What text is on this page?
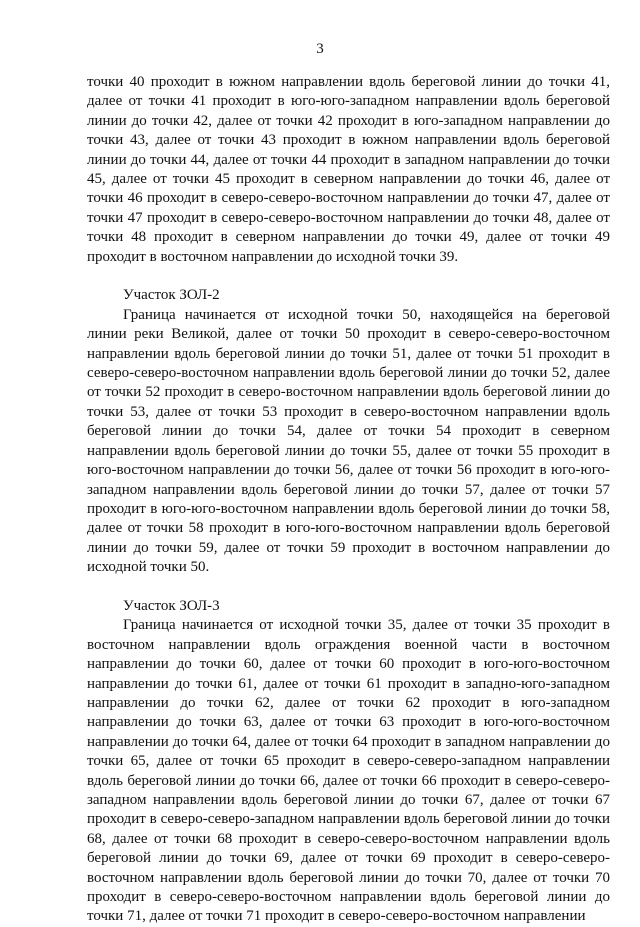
3

точки 40 проходит в южном направлении вдоль береговой линии до точки 41, далее от точки 41 проходит в юго-юго-западном направлении вдоль береговой линии до точки 42, далее от точки 42 проходит в юго-западном направлении до точки 43, далее от точки 43 проходит в южном направлении вдоль береговой линии до точки 44, далее от точки 44 проходит в западном направлении до точки 45, далее от точки 45 проходит в северном направлении до точки 46, далее от точки 46 проходит в северо-северо-восточном направлении до точки 47, далее от точки 47 проходит в северо-северо-восточном направлении до точки 48, далее от точки 48 проходит в северном направлении до точки 49, далее от точки 49 проходит в восточном направлении до исходной точки 39.

Участок ЗОЛ-2

Граница начинается от исходной точки 50, находящейся на береговой линии реки Великой, далее от точки 50 проходит в северо-северо-восточном направлении вдоль береговой линии до точки 51, далее от точки 51 проходит в северо-северо-восточном направлении вдоль береговой линии до точки 52, далее от точки 52 проходит в северо-восточном направлении вдоль береговой линии до точки 53, далее от точки 53 проходит в северо-восточном направлении вдоль береговой линии до точки 54, далее от точки 54 проходит в северном направлении вдоль береговой линии до точки 55, далее от точки 55 проходит в юго-восточном направлении до точки 56, далее от точки 56 проходит в юго-юго-западном направлении вдоль береговой линии до точки 57, далее от точки 57 проходит в юго-юго-восточном направлении вдоль береговой линии до точки 58, далее от точки 58 проходит в юго-юго-восточном направлении вдоль береговой линии до точки 59, далее от точки 59 проходит в восточном направлении до исходной точки 50.

Участок ЗОЛ-3

Граница начинается от исходной точки 35, далее от точки 35 проходит в восточном направлении вдоль ограждения военной части в восточном направлении до точки 60, далее от точки 60 проходит в юго-юго-восточном направлении до точки 61, далее от точки 61 проходит в западно-юго-западном направлении до точки 62, далее от точки 62 проходит в юго-западном направлении до точки 63, далее от точки 63 проходит в юго-юго-восточном направлении до точки 64, далее от точки 64 проходит в западном направлении до точки 65, далее от точки 65 проходит в северо-северо-западном направлении вдоль береговой линии до точки 66, далее от точки 66 проходит в северо-северо-западном направлении вдоль береговой линии до точки 67, далее от точки 67 проходит в северо-северо-западном направлении вдоль береговой линии до точки 68, далее от точки 68 проходит в северо-северо-восточном направлении вдоль береговой линии до точки 69, далее от точки 69 проходит в северо-северо-восточном направлении вдоль береговой линии до точки 70, далее от точки 70 проходит в северо-северо-восточном направлении вдоль береговой линии до точки 71, далее от точки 71 проходит в северо-северо-восточном направлении
